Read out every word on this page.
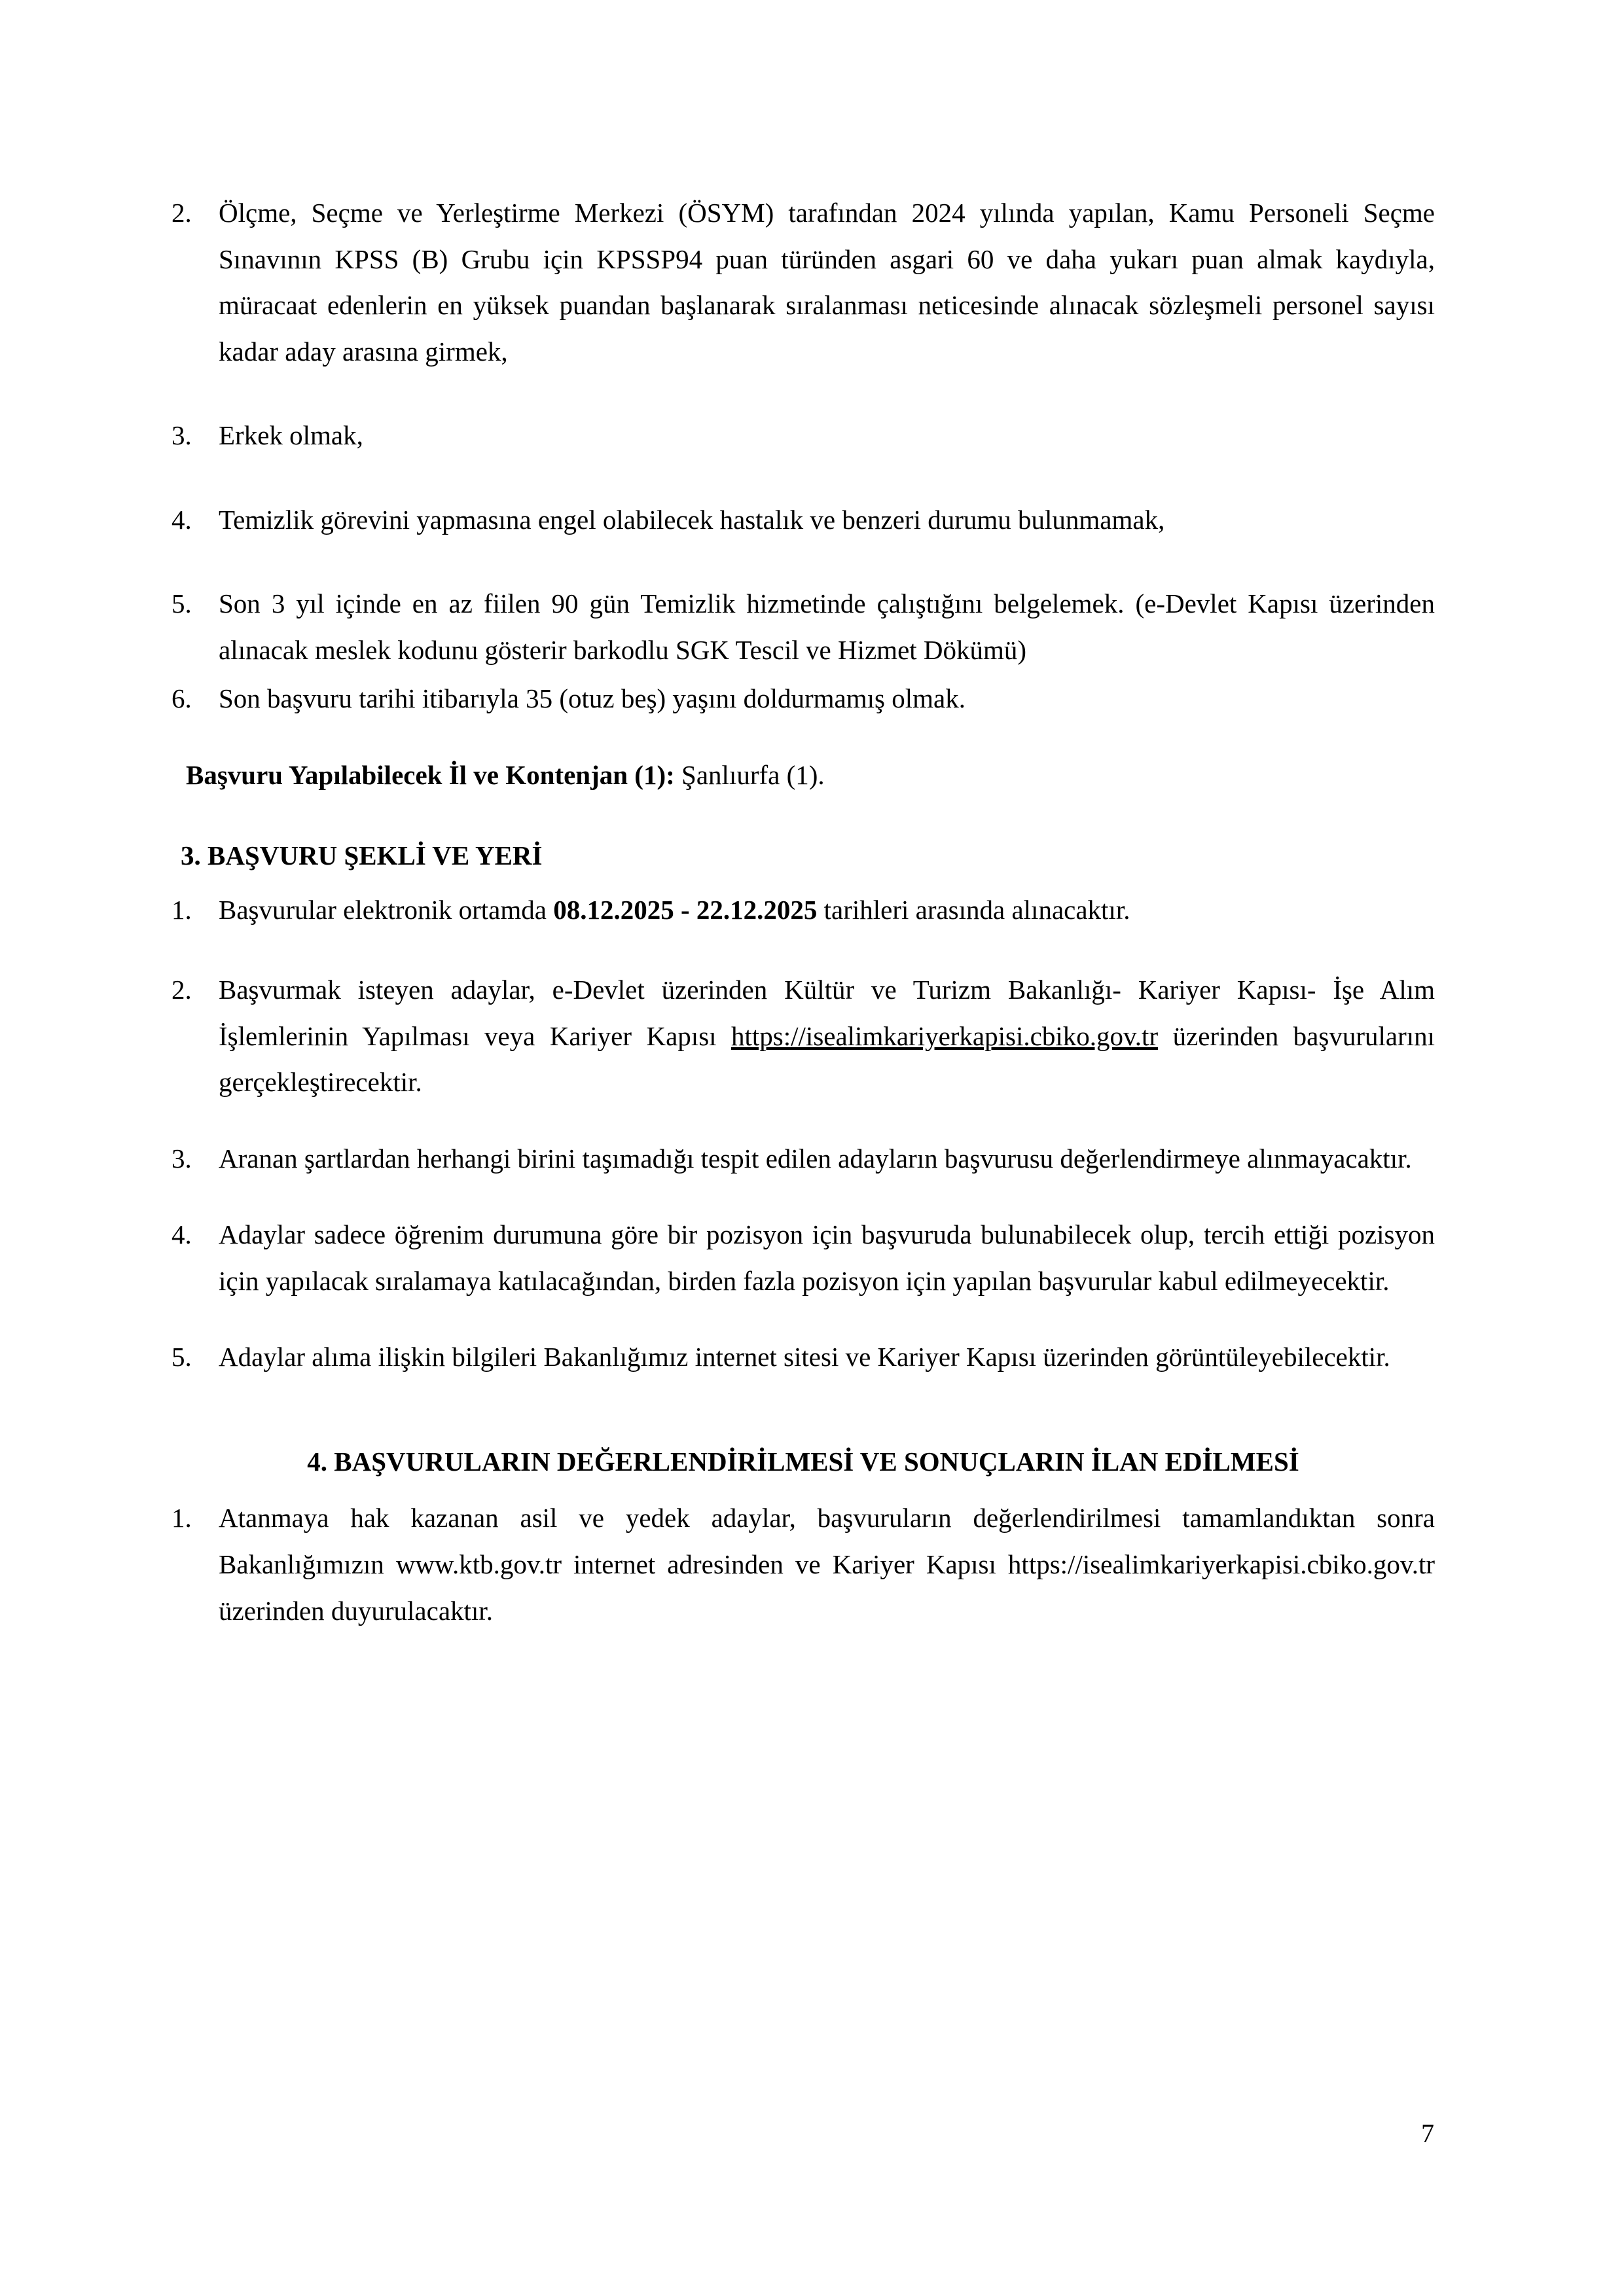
2.	Ölçme, Seçme ve Yerleştirme Merkezi (ÖSYM) tarafından 2024 yılında yapılan, Kamu Personeli Seçme Sınavının KPSS (B) Grubu için KPSSP94 puan türünden asgari 60 ve daha yukarı puan almak kaydıyla, müracaat edenlerin en yüksek puandan başlanarak sıralanması neticesinde alınacak sözleşmeli personel sayısı kadar aday arasına girmek,
3.	Erkek olmak,
4.	Temizlik görevini yapmasına engel olabilecek hastalık ve benzeri durumu bulunmamak,
5.	Son 3 yıl içinde en az fiilen 90 gün Temizlik hizmetinde çalıştığını belgelemek. (e-Devlet Kapısı üzerinden alınacak meslek kodunu gösterir barkodlu SGK Tescil ve Hizmet Dökümü)
6.	Son başvuru tarihi itibarıyla 35 (otuz beş) yaşını doldurmamış olmak.
Başvuru Yapılabilecek İl ve Kontenjan (1): Şanlıurfa (1).
3. BAŞVURU ŞEKLİ VE YERİ
1.	Başvurular elektronik ortamda 08.12.2025 - 22.12.2025 tarihleri arasında alınacaktır.
2.	Başvurmak isteyen adaylar, e-Devlet üzerinden Kültür ve Turizm Bakanlığı- Kariyer Kapısı- İşe Alım İşlemlerinin Yapılması veya Kariyer Kapısı https://isealimkariyerkapisi.cbiko.gov.tr üzerinden başvurularını gerçekleştirecektir.
3.	Aranan şartlardan herhangi birini taşımadığı tespit edilen adayların başvurusu değerlendirmeye alınmayacaktır.
4.	Adaylar sadece öğrenim durumuna göre bir pozisyon için başvuruda bulunabilecek olup, tercih ettiği pozisyon için yapılacak sıralamaya katılacağından, birden fazla pozisyon için yapılan başvurular kabul edilmeyecektir.
5.	Adaylar alıma ilişkin bilgileri Bakanlığımız internet sitesi ve Kariyer Kapısı üzerinden görüntüleyebilecektir.
4. BAŞVURULARIN DEĞERLENDİRİLMESİ VE SONUÇLARIN İLAN EDİLMESİ
1.	Atanmaya hak kazanan asil ve yedek adaylar, başvuruların değerlendirilmesi tamamlandıktan sonra Bakanlığımızın www.ktb.gov.tr internet adresinden ve Kariyer Kapısı https://isealimkariyerkapisi.cbiko.gov.tr üzerinden duyurulacaktır.
7
